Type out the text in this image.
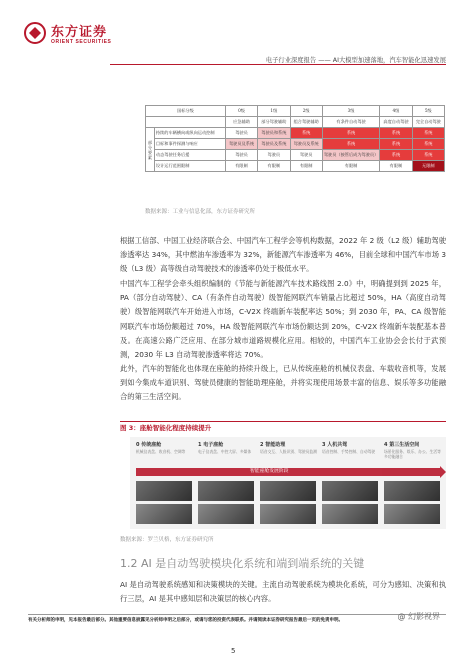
东方证券
ORIENT SECURITIES
电子行业深度报告 —— AI大模型加速落地，汽车智能化迅速发展
国标分级		0级	1级	2级	3级	4级	5级
		应急辅助	部分驾驶辅助	组合驾驶辅助	有条件自动驾驶	高度自动驾驶	完全自动驾驶
部分要素	持续的车辆横向或纵向运动控制	驾驶员	驾驶员和系统	系统	系统	系统	系统
	目标和事件探测与响应	驾驶员及系统	驾驶员及系统	驾驶员及系统	系统	系统	系统
	动态驾驶任务后援	驾驶员	驾驶员	驾驶员	驾驶员（接管后成为驾驶员）	系统	系统
	设计运行范围限制	有限制	有限制	有限制	有限制	有限制	无限制
数据来源：工业与信息化部，东方证券研究所
根据工信部、中国工业经济联合会、中国汽车工程学会等机构数据，2022 年 2 级（L2 级）辅助驾驶渗透率达 34%，其中燃油车渗透率为 32%，新能源汽车渗透率为 46%，目前全球和中国汽车市场 3 级（L3 级）高等级自动驾驶技术的渗透率仍处于极低水平。
中国汽车工程学会牵头组织编制的《节能与新能源汽车技术路线图 2.0》中，明确提到到 2025 年，PA（部分自动驾驶）、CA（有条件自动驾驶）级智能网联汽车销量占比超过 50%，HA（高度自动驾驶）级智能网联汽车开始进入市场，C-V2X 终端新车装配率达 50%；到 2030 年，PA、CA 级智能网联汽车市场份额超过 70%，HA 级智能网联汽车市场份额达到 20%，C-V2X 终端新车装配基本普及。在高速公路广泛应用、在部分城市道路规模化应用。相较的，中国汽车工业协会会长付于武预测，2030 年 L3 自动驾驶渗透率将达 70%。
此外，汽车的智能化也体现在座舱的持续升级上，已从传统座舱的机械仪表盘、车载收音机等，发展到如今集成车道识别、驾驶员健康的智能助理座舱，并将实现使用场景丰富的信息、娱乐等多功能融合的第三生活空间。
图 3：座舱智能化程度持续提升
0 传统座舱
机械仪表盘、收音机、空调等
1 电子座舱
电子仪表盘、中控大屏、多媒体
2 智能助理
语音交互、人脸识别、驾驶员监测
3 人机共驾
语音控制、手势控制、自动驾驶
4 第三生活空间
场景化服务、娱乐、办公、生活等多功能融合
智能座舱发展阶段
数据来源：罗兰贝格，东方证券研究所
1.2 AI 是自动驾驶模块化系统和端到端系统的关键
AI 是自动驾驶系统感知和决策模块的关键。主流自动驾驶系统为模块化系统，可分为感知、决策和执行三层，AI 是其中感知层和决策层的核心内容。
有关分析师的申明，见本报告最后部分。其他重要信息披露见分析师申明之后部分，或请与您的投资代表联系。并请阅读本证券研究报告最后一页的免责申明。	@ 幻影视界
5
